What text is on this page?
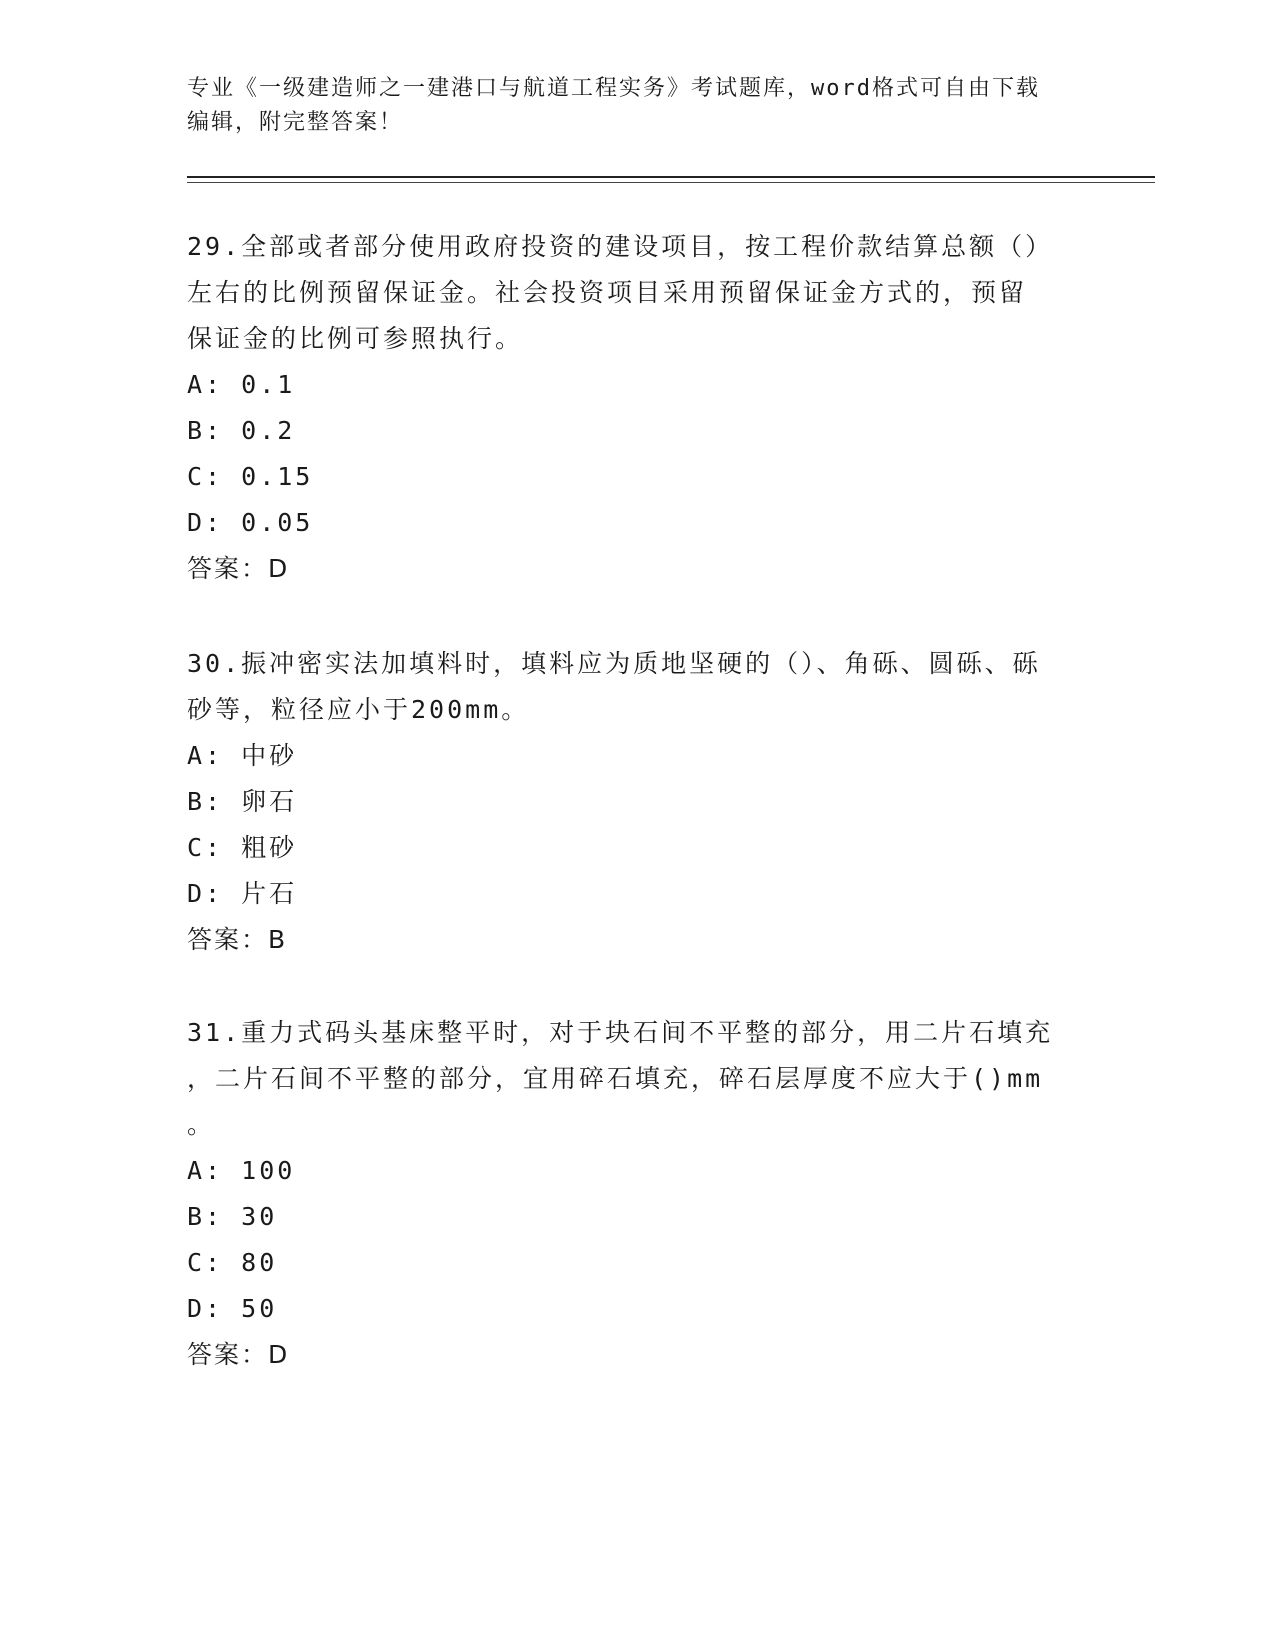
专业《一级建造师之一建港口与航道工程实务》考试题库，word格式可自由下载
编辑，附完整答案！
29.全部或者部分使用政府投资的建设项目，按工程价款结算总额（）
左右的比例预留保证金。社会投资项目采用预留保证金方式的，预留
保证金的比例可参照执行。
A: 0.1
B: 0.2
C: 0.15
D: 0.05
答案：D
30.振冲密实法加填料时，填料应为质地坚硬的（）、角砾、圆砾、砾
砂等，粒径应小于200mm。
A: 中砂
B: 卵石
C: 粗砂
D: 片石
答案：B
31.重力式码头基床整平时，对于块石间不平整的部分，用二片石填充
，二片石间不平整的部分，宜用碎石填充，碎石层厚度不应大于()mm
。
A: 100
B: 30
C: 80
D: 50
答案：D
